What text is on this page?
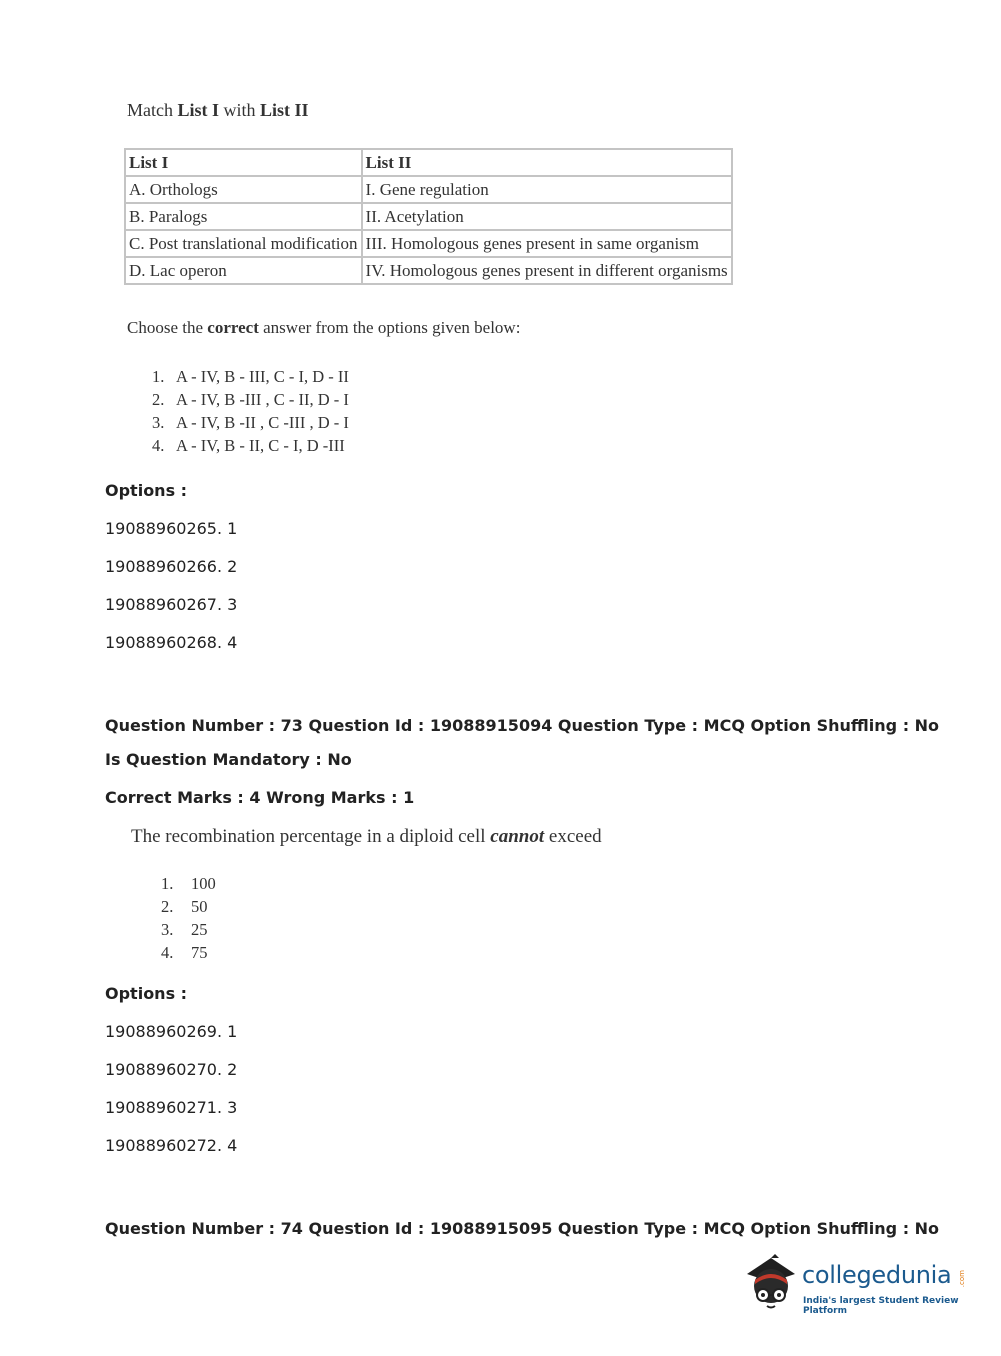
Match List I with List II
List I	List II
A. Orthologs	I. Gene regulation
B. Paralogs	II. Acetylation
C. Post translational modification	III. Homologous genes present in same organism
D. Lac operon	IV. Homologous genes present in different organisms
Choose the correct answer from the options given below:
1. A - IV, B - III, C - I, D - II
2. A - IV, B -III , C - II, D - I
3. A - IV, B -II , C -III , D - I
4. A - IV, B - II, C - I, D -III
Options :
19088960265. 1
19088960266. 2
19088960267. 3
19088960268. 4
Question Number : 73 Question Id : 19088915094 Question Type : MCQ Option Shuffling : No
Is Question Mandatory : No
Correct Marks : 4 Wrong Marks : 1
The recombination percentage in a diploid cell cannot exceed
1. 100
2. 50
3. 25
4. 75
Options :
19088960269. 1
19088960270. 2
19088960271. 3
19088960272. 4
Question Number : 74 Question Id : 19088915095 Question Type : MCQ Option Shuffling : No
collegedunia .com
India's largest Student Review Platform
